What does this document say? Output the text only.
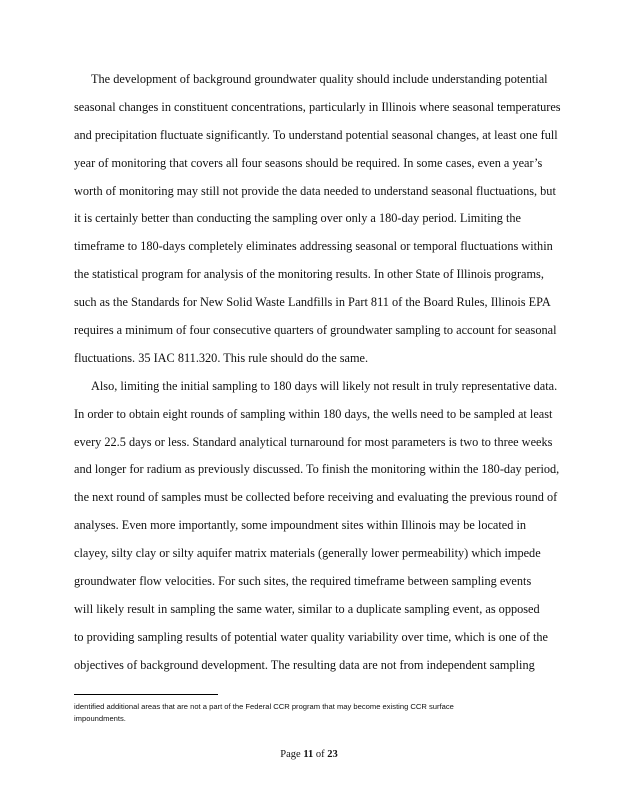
The development of background groundwater quality should include understanding potential
seasonal changes in constituent concentrations, particularly in Illinois where seasonal temperatures
and precipitation fluctuate significantly. To understand potential seasonal changes, at least one full
year of monitoring that covers all four seasons should be required. In some cases, even a year’s
worth of monitoring may still not provide the data needed to understand seasonal fluctuations, but
it is certainly better than conducting the sampling over only a 180-day period. Limiting the
timeframe to 180-days completely eliminates addressing seasonal or temporal fluctuations within
the statistical program for analysis of the monitoring results. In other State of Illinois programs,
such as the Standards for New Solid Waste Landfills in Part 811 of the Board Rules, Illinois EPA
requires a minimum of four consecutive quarters of groundwater sampling to account for seasonal
fluctuations. 35 IAC 811.320. This rule should do the same.
Also, limiting the initial sampling to 180 days will likely not result in truly representative data.
In order to obtain eight rounds of sampling within 180 days, the wells need to be sampled at least
every 22.5 days or less. Standard analytical turnaround for most parameters is two to three weeks
and longer for radium as previously discussed. To finish the monitoring within the 180-day period,
the next round of samples must be collected before receiving and evaluating the previous round of
analyses. Even more importantly, some impoundment sites within Illinois may be located in
clayey, silty clay or silty aquifer matrix materials (generally lower permeability) which impede
groundwater flow velocities. For such sites, the required timeframe between sampling events
will likely result in sampling the same water, similar to a duplicate sampling event, as opposed
to providing sampling results of potential water quality variability over time, which is one of the
objectives of background development. The resulting data are not from independent sampling
identified additional areas that are not a part of the Federal CCR program that may become existing CCR surface
impoundments.
Page 11 of 23
